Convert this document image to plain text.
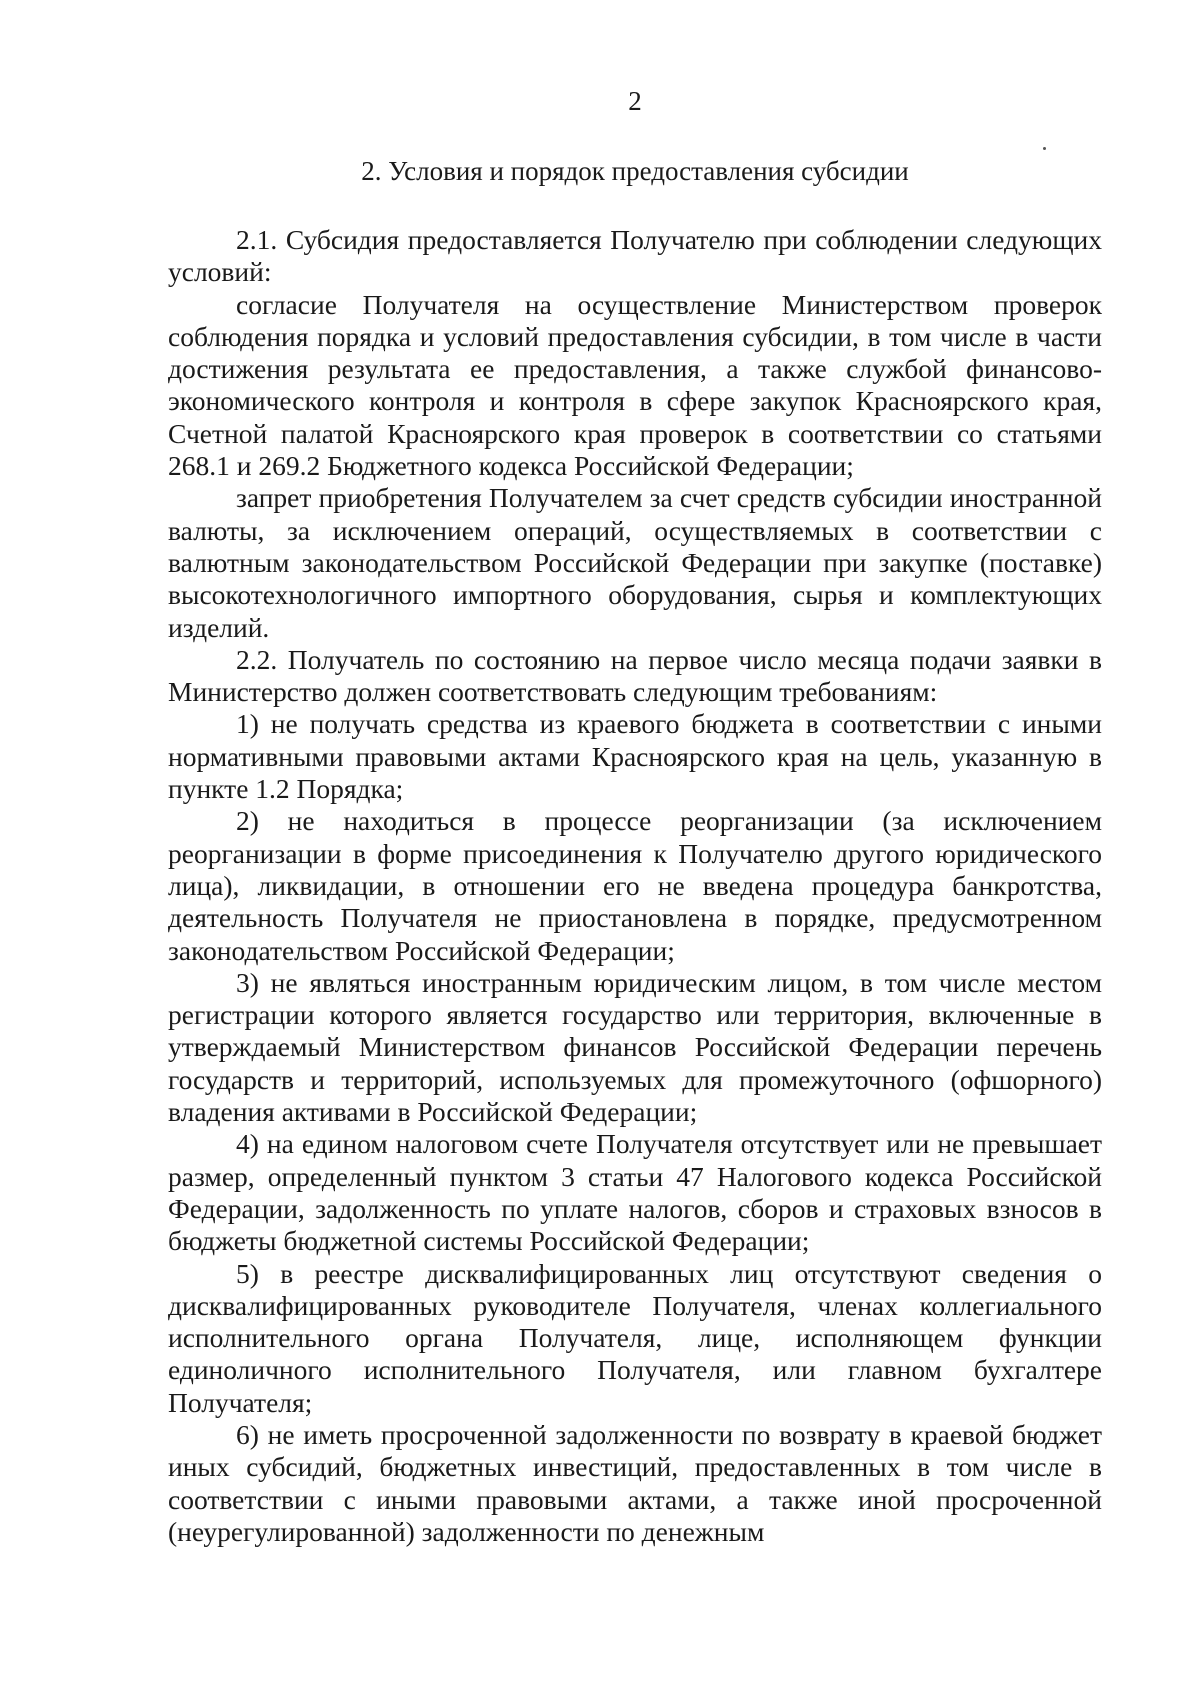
2
2. Условия и порядок предоставления субсидии

2.1. Субсидия предоставляется Получателю при соблюдении следующих условий:

согласие Получателя на осуществление Министерством проверок соблюдения порядка и условий предоставления субсидии, в том числе в части достижения результата ее предоставления, а также службой финансово-экономического контроля и контроля в сфере закупок Красноярского края, Счетной палатой Красноярского края проверок в соответствии со статьями 268.1 и 269.2 Бюджетного кодекса Российской Федерации;

запрет приобретения Получателем за счет средств субсидии иностранной валюты, за исключением операций, осуществляемых в соответствии с валютным законодательством Российской Федерации при закупке (поставке) высокотехнологичного импортного оборудования, сырья и комплектующих изделий.

2.2. Получатель по состоянию на первое число месяца подачи заявки в Министерство должен соответствовать следующим требованиям:

1) не получать средства из краевого бюджета в соответствии с иными нормативными правовыми актами Красноярского края на цель, указанную в пункте 1.2 Порядка;

2) не находиться в процессе реорганизации (за исключением реорганизации в форме присоединения к Получателю другого юридического лица), ликвидации, в отношении его не введена процедура банкротства, деятельность Получателя не приостановлена в порядке, предусмотренном законодательством Российской Федерации;

3) не являться иностранным юридическим лицом, в том числе местом регистрации которого является государство или территория, включенные в утверждаемый Министерством финансов Российской Федерации перечень государств и территорий, используемых для промежуточного (офшорного) владения активами в Российской Федерации;

4) на едином налоговом счете Получателя отсутствует или не превышает размер, определенный пунктом 3 статьи 47 Налогового кодекса Российской Федерации, задолженность по уплате налогов, сборов и страховых взносов в бюджеты бюджетной системы Российской Федерации;

5) в реестре дисквалифицированных лиц отсутствуют сведения о дисквалифицированных руководителе Получателя, членах коллегиального исполнительного органа Получателя, лице, исполняющем функции единоличного исполнительного Получателя, или главном бухгалтере Получателя;

6) не иметь просроченной задолженности по возврату в краевой бюджет иных субсидий, бюджетных инвестиций, предоставленных в том числе в соответствии с иными правовыми актами, а также иной просроченной (неурегулированной) задолженности по денежным
